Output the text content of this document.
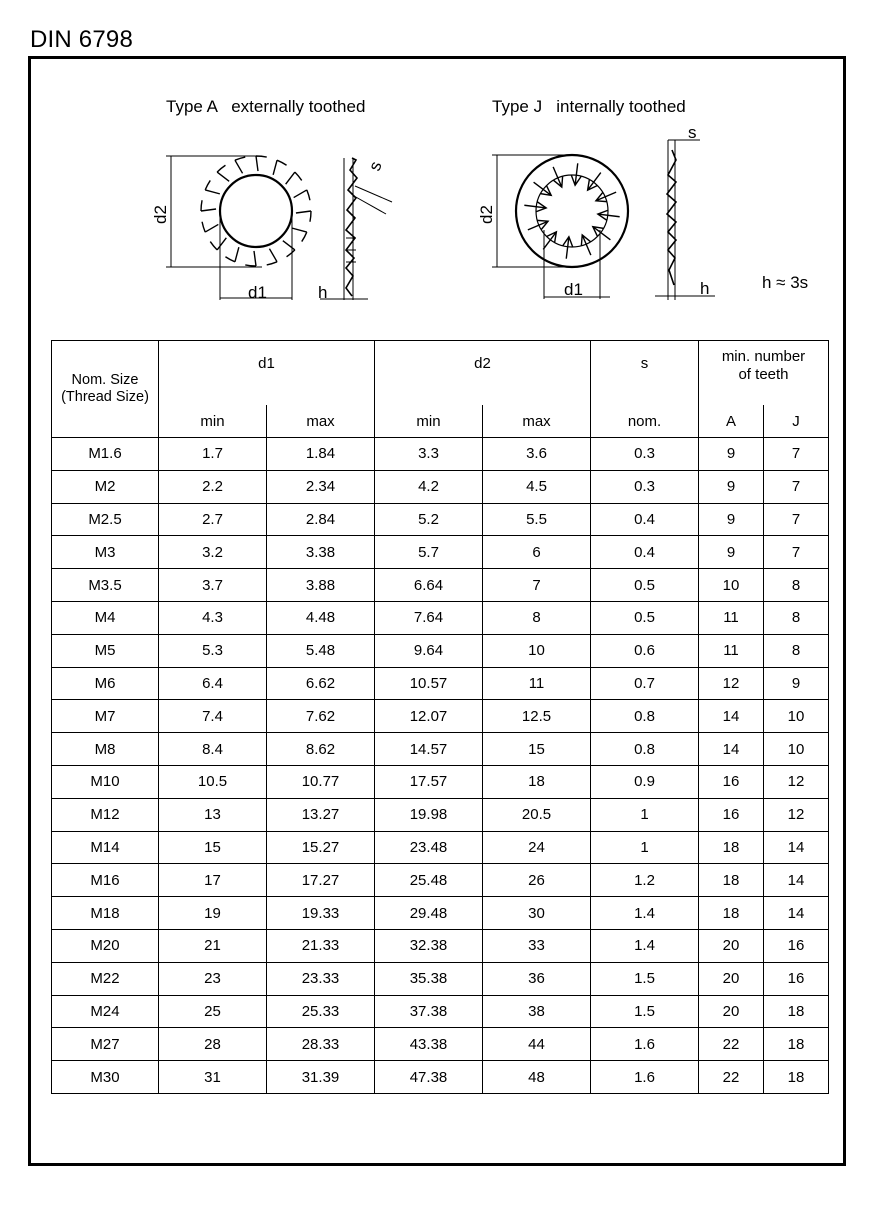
DIN 6798
d2
d1	h
s
d2
d1	h
s
Type A   externally toothed	Type J   internally toothed
h ≈ 3s
Nom. Size
(Thread Size)	d1		d2		s	min. number
of teeth	

	min	max	min	max	nom.	A	J
M1.6	1.7	1.84	3.3	3.6	0.3	9	7
M2	2.2	2.34	4.2	4.5	0.3	9	7
M2.5	2.7	2.84	5.2	5.5	0.4	9	7
M3	3.2	3.38	5.7	6	0.4	9	7
M3.5	3.7	3.88	6.64	7	0.5	10	8
M4	4.3	4.48	7.64	8	0.5	11	8
M5	5.3	5.48	9.64	10	0.6	11	8
M6	6.4	6.62	10.57	11	0.7	12	9
M7	7.4	7.62	12.07	12.5	0.8	14	10
M8	8.4	8.62	14.57	15	0.8	14	10
M10	10.5	10.77	17.57	18	0.9	16	12
M12	13	13.27	19.98	20.5	1	16	12
M14	15	15.27	23.48	24	1	18	14
M16	17	17.27	25.48	26	1.2	18	14
M18	19	19.33	29.48	30	1.4	18	14
M20	21	21.33	32.38	33	1.4	20	16
M22	23	23.33	35.38	36	1.5	20	16
M24	25	25.33	37.38	38	1.5	20	18
M27	28	28.33	43.38	44	1.6	22	18
M30	31	31.39	47.38	48	1.6	22	18
